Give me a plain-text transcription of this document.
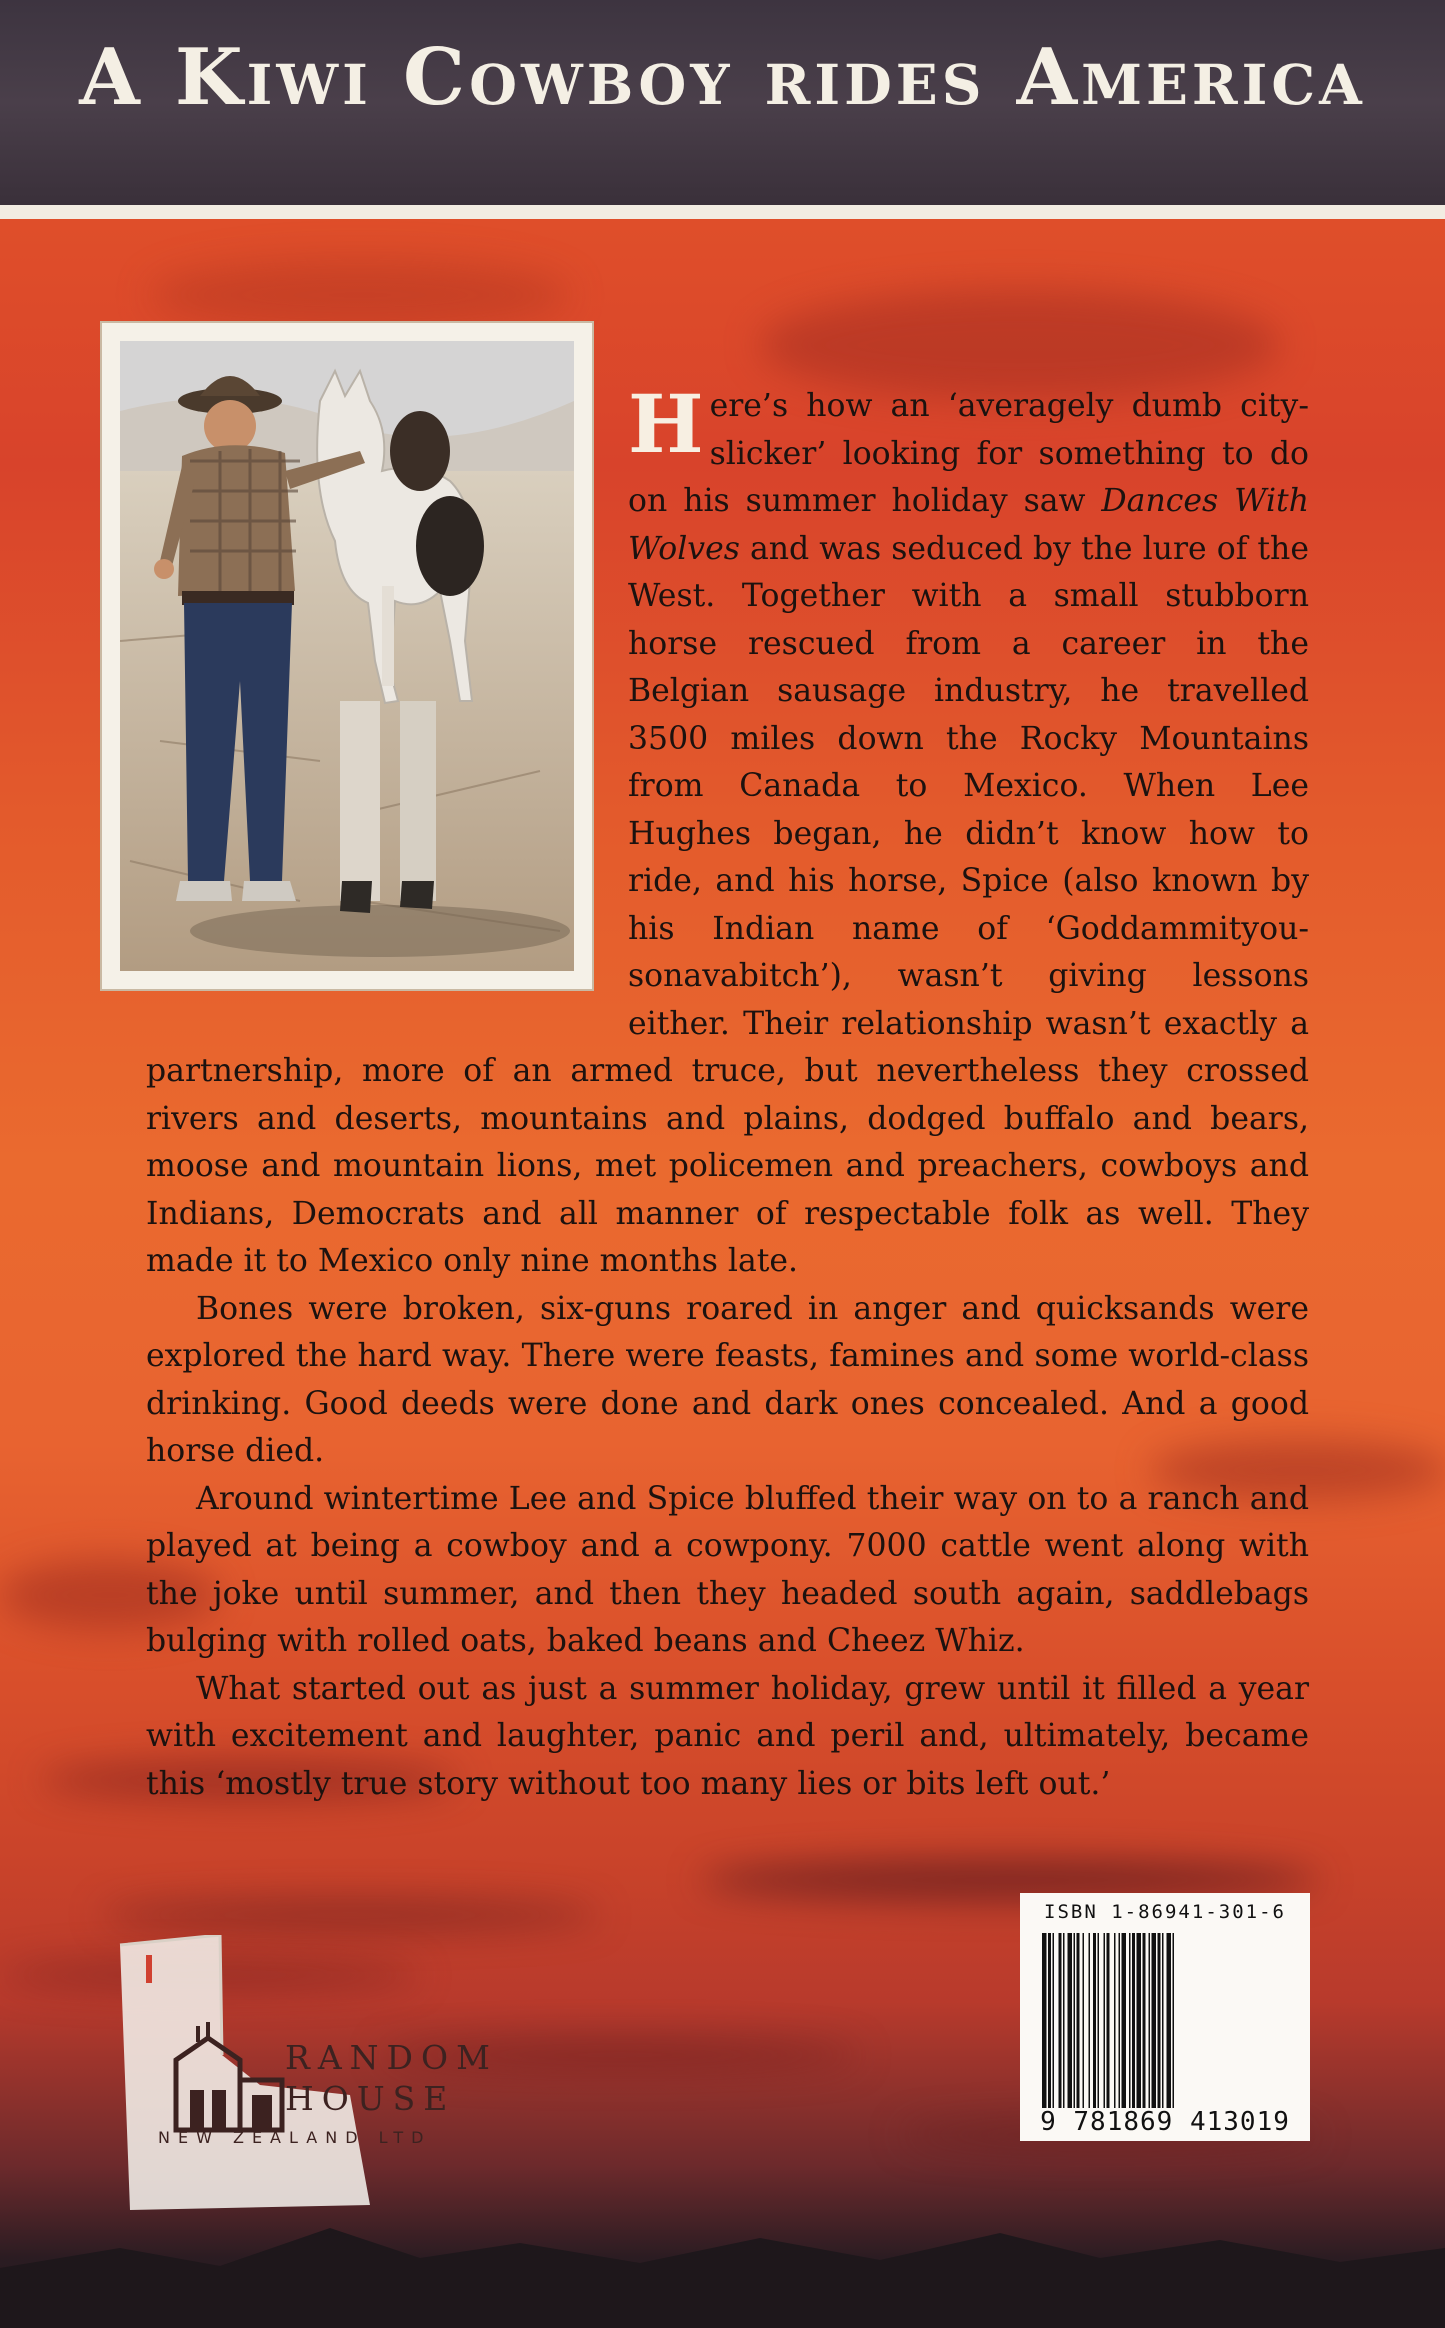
A Kiwi Cowboy rides America

Here’s how an ‘averagely dumb city-slicker’ looking for something to do on his summer holiday saw Dances With Wolves and was seduced by the lure of the West. Together with a small stubborn horse rescued from a career in the Belgian sausage industry, he travelled 3500 miles down the Rocky Mountains from Canada to Mexico. When Lee Hughes began, he didn’t know how to ride, and his horse, Spice (also known by his Indian name of ‘Goddammityou-sonavabitch’), wasn’t giving lessons either. Their relationship wasn’t exactly a partnership, more of an armed truce, but nevertheless they crossed rivers and deserts, mountains and plains, dodged buffalo and bears, moose and mountain lions, met policemen and preachers, cowboys and Indians, Democrats and all manner of respectable folk as well. They made it to Mexico only nine months late.

Bones were broken, six-guns roared in anger and quicksands were explored the hard way. There were feasts, famines and some world-class drinking. Good deeds were done and dark ones concealed. And a good horse died.

Around wintertime Lee and Spice bluffed their way on to a ranch and played at being a cowboy and a cowpony. 7000 cattle went along with the joke until summer, and then they headed south again, saddlebags bulging with rolled oats, baked beans and Cheez Whiz.

What started out as just a summer holiday, grew until it filled a year with excitement and laughter, panic and peril and, ultimately, became this ‘mostly true story without too many lies or bits left out.’

RANDOM
HOUSE
NEW ZEALAND LTD
ISBN 1-86941-301-6
9 781869 413019
